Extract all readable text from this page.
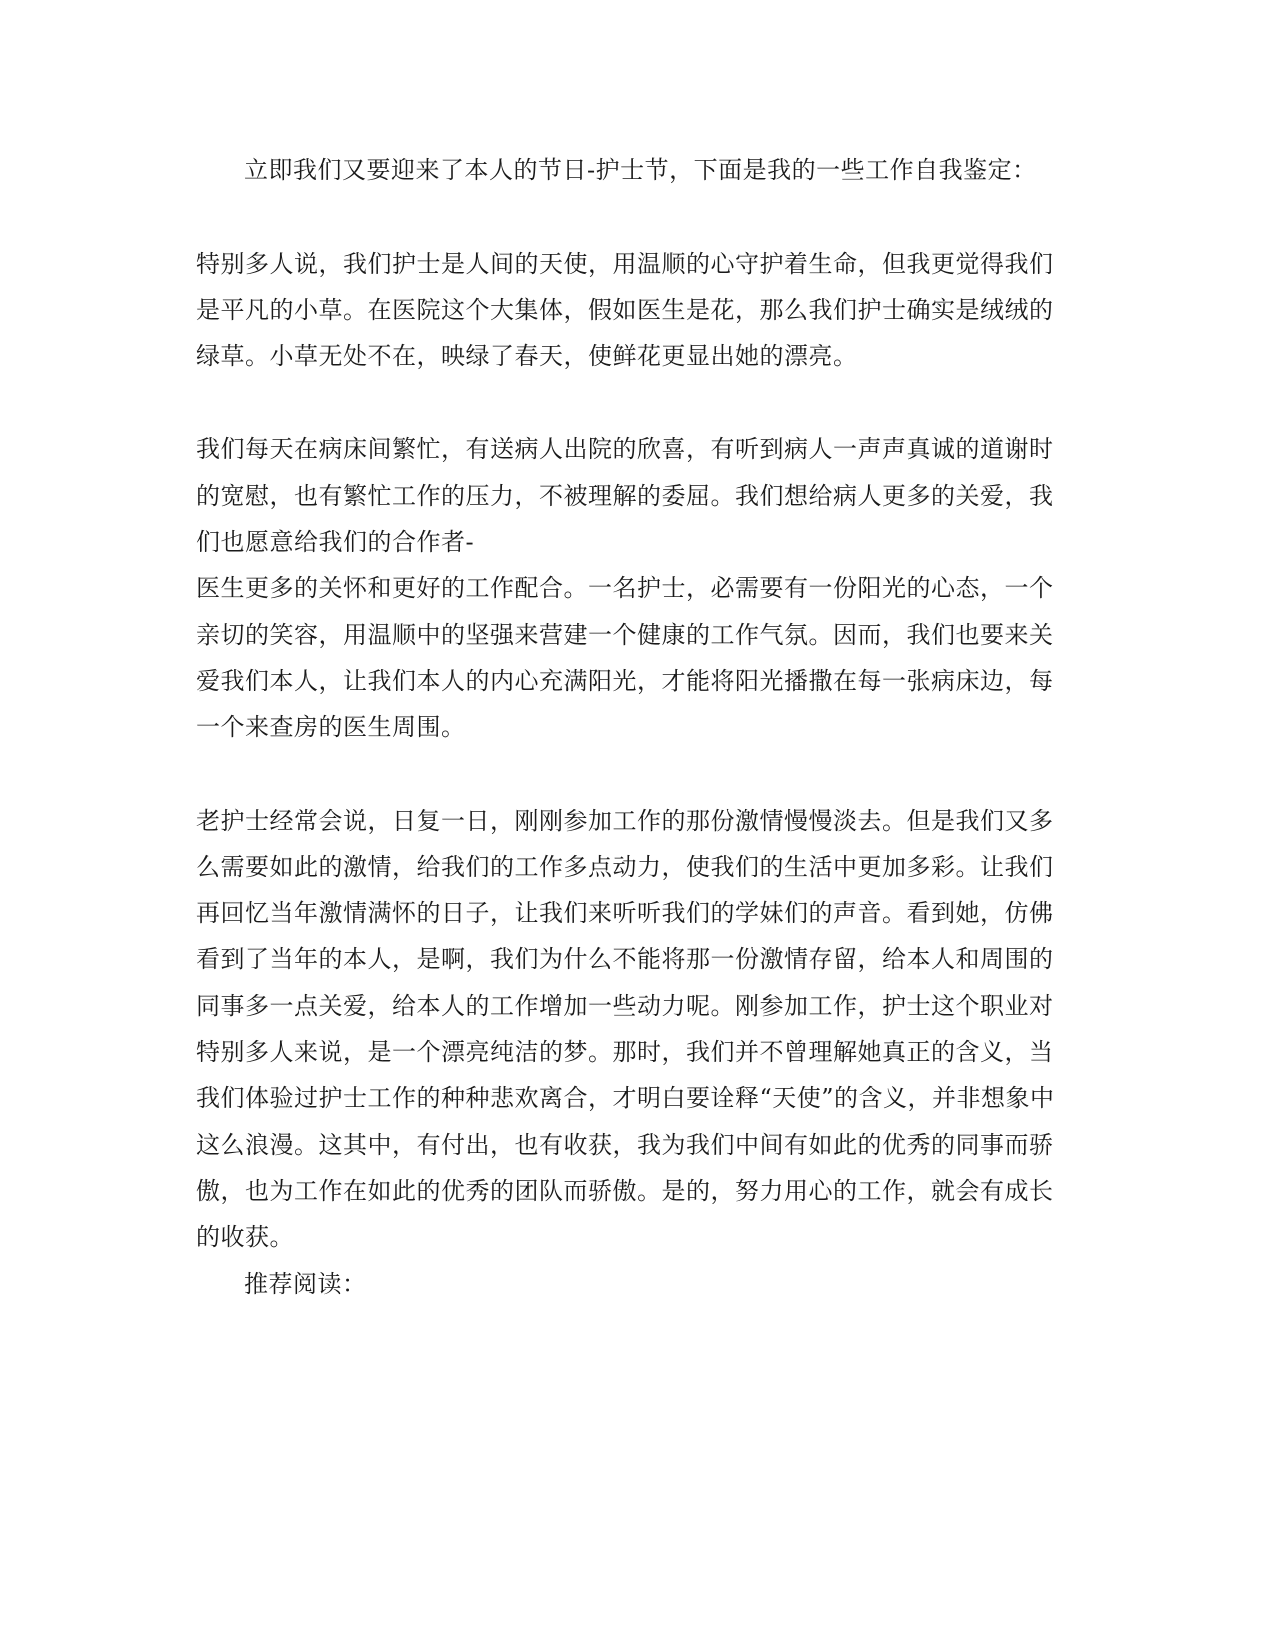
立即我们又要迎来了本人的节日-护士节，下面是我的一些工作自我鉴定：
特别多人说，我们护士是人间的天使，用温顺的心守护着生命，但我更觉得我们
是平凡的小草。在医院这个大集体，假如医生是花，那么我们护士确实是绒绒的
绿草。小草无处不在，映绿了春天，使鲜花更显出她的漂亮。
我们每天在病床间繁忙，有送病人出院的欣喜，有听到病人一声声真诚的道谢时
的宽慰，也有繁忙工作的压力，不被理解的委屈。我们想给病人更多的关爱，我
们也愿意给我们的合作者-
医生更多的关怀和更好的工作配合。一名护士，必需要有一份阳光的心态，一个
亲切的笑容，用温顺中的坚强来营建一个健康的工作气氛。因而，我们也要来关
爱我们本人，让我们本人的内心充满阳光，才能将阳光播撒在每一张病床边，每
一个来查房的医生周围。
老护士经常会说，日复一日，刚刚参加工作的那份激情慢慢淡去。但是我们又多
么需要如此的激情，给我们的工作多点动力，使我们的生活中更加多彩。让我们
再回忆当年激情满怀的日子，让我们来听听我们的学妹们的声音。看到她，仿佛
看到了当年的本人，是啊，我们为什么不能将那一份激情存留，给本人和周围的
同事多一点关爱，给本人的工作增加一些动力呢。刚参加工作，护士这个职业对
特别多人来说，是一个漂亮纯洁的梦。那时，我们并不曾理解她真正的含义，当
我们体验过护士工作的种种悲欢离合，才明白要诠释“天使”的含义，并非想象中
这么浪漫。这其中，有付出，也有收获，我为我们中间有如此的优秀的同事而骄
傲，也为工作在如此的优秀的团队而骄傲。是的，努力用心的工作，就会有成长
的收获。
推荐阅读：
